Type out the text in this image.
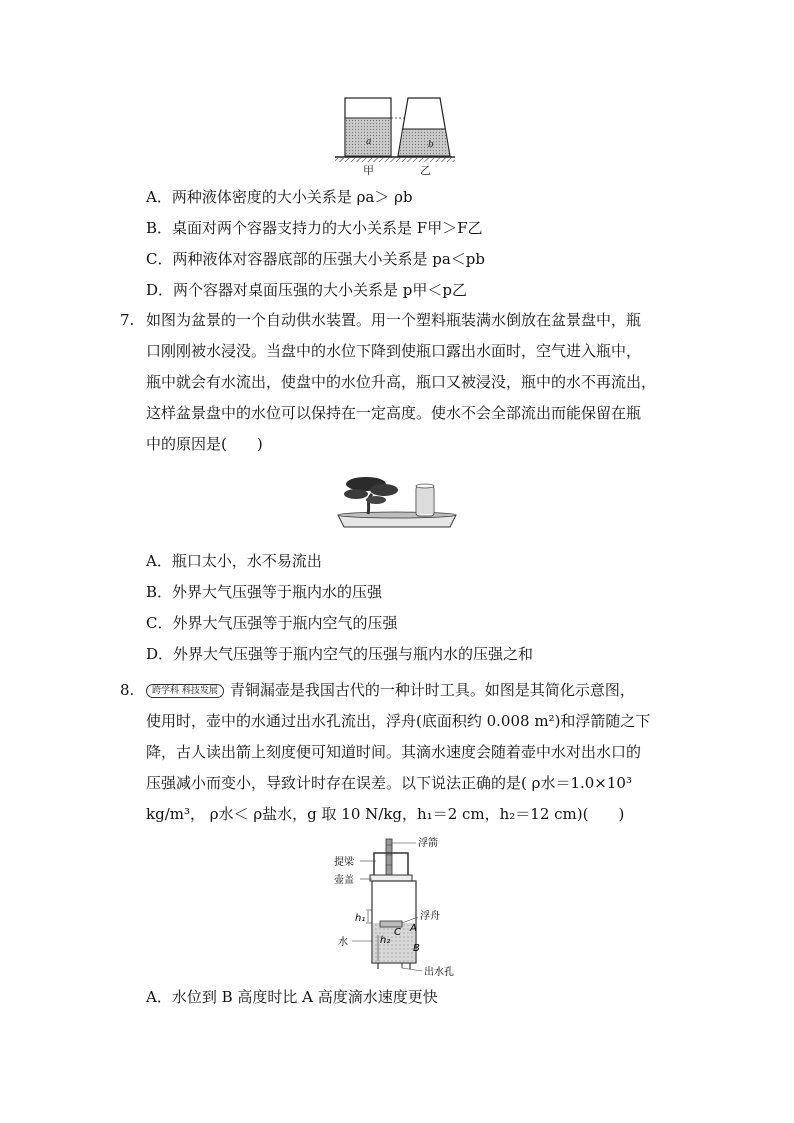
a	b
甲	乙
A．两种液体密度的大小关系是 ρa＞ ρb
B．桌面对两个容器支持力的大小关系是 F甲＞F乙
C．两种液体对容器底部的压强大小关系是 pa＜pb
D．两个容器对桌面压强的大小关系是 p甲＜p乙
7. 如图为盆景的一个自动供水装置。用一个塑料瓶装满水倒放在盆景盘中，瓶
口刚刚被水浸没。当盘中的水位下降到使瓶口露出水面时，空气进入瓶中，
瓶中就会有水流出，使盘中的水位升高，瓶口又被浸没，瓶中的水不再流出，
这样盆景盘中的水位可以保持在一定高度。使水不会全部流出而能保留在瓶
中的原因是(　　)
A．瓶口太小，水不易流出
B．外界大气压强等于瓶内水的压强
C．外界大气压强等于瓶内空气的压强
D．外界大气压强等于瓶内空气的压强与瓶内水的压强之和
8.	跨学科 科技发展 青铜漏壶是我国古代的一种计时工具。如图是其简化示意图，
使用时，壶中的水通过出水孔流出，浮舟(底面积约 0.008 m²)和浮箭随之下
降，古人读出箭上刻度便可知道时间。其滴水速度会随着壶中水对出水口的
压强减小而变小，导致计时存在误差。以下说法正确的是( ρ水＝1.0×10³
kg/m³， ρ水＜ ρ盐水，g 取 10 N/kg，h₁＝2 cm，h₂＝12 cm)(　　)
提梁
壶盖
浮箭
浮舟
水
出水孔
h₁
h₂
C A
B
A．水位到 B 高度时比 A 高度滴水速度更快
